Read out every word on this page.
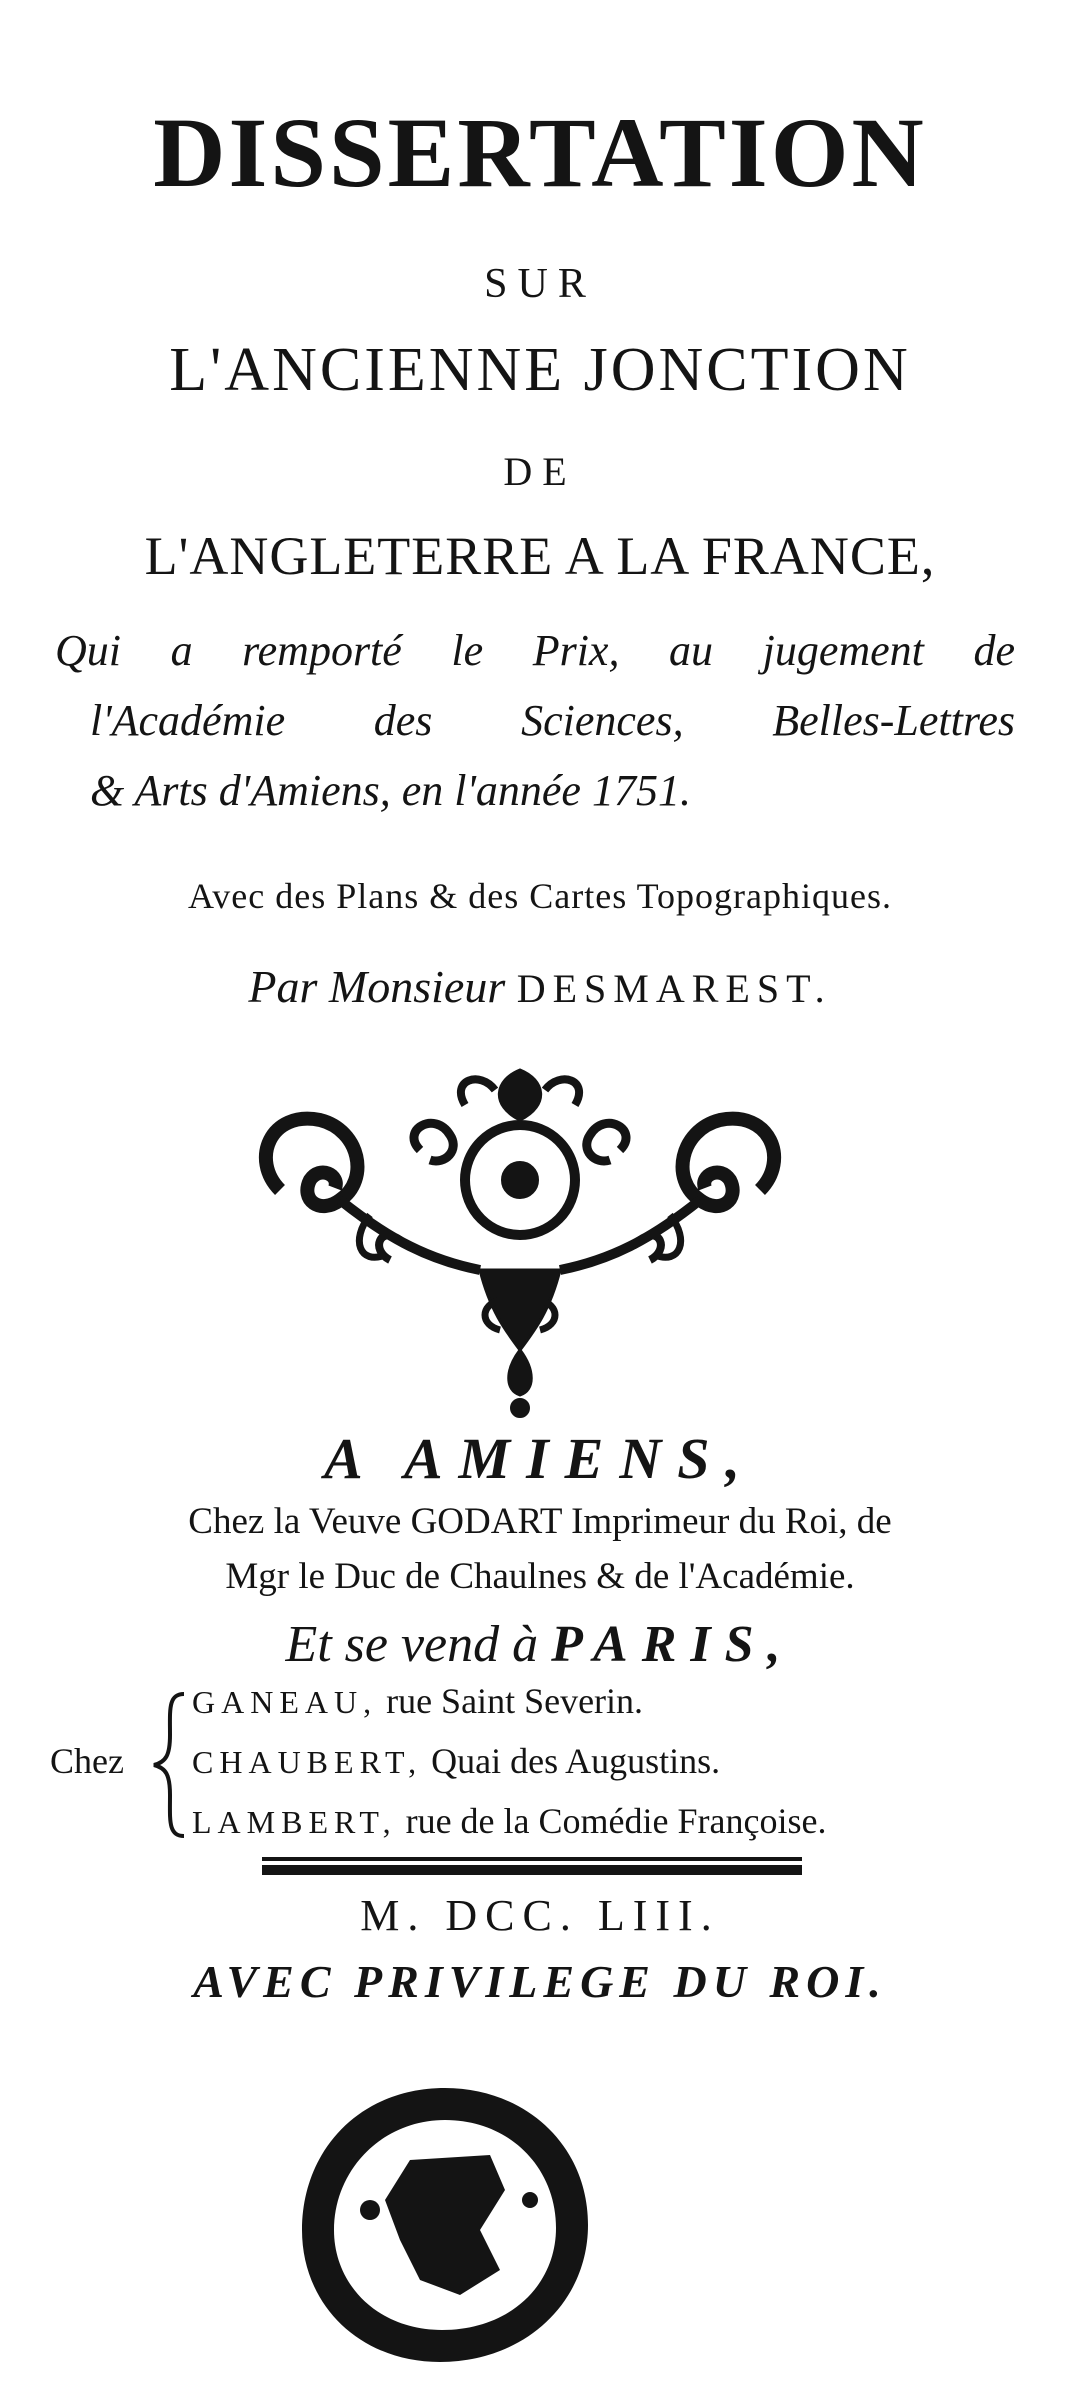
DISSERTATION
SUR
L'ANCIENNE JONCTION
DE
L'ANGLETERRE A LA FRANCE,
Qui a remporté le Prix, au jugement de
l'Académie des Sciences, Belles-Lettres
& Arts d'Amiens, en l'année 1751.
Avec des Plans & des Cartes Topographiques.
Par Monsieur DESMAREST.
A AMIENS,
Chez la Veuve GODART Imprimeur du Roi, de
Mgr le Duc de Chaulnes & de l'Académie.
Et se vend à PARIS,
Chez
GANEAU, rue Saint Severin.
CHAUBERT, Quai des Augustins.
LAMBERT, rue de la Comédie Françoise.
M. DCC. LIII.
AVEC PRIVILEGE DU ROI.
